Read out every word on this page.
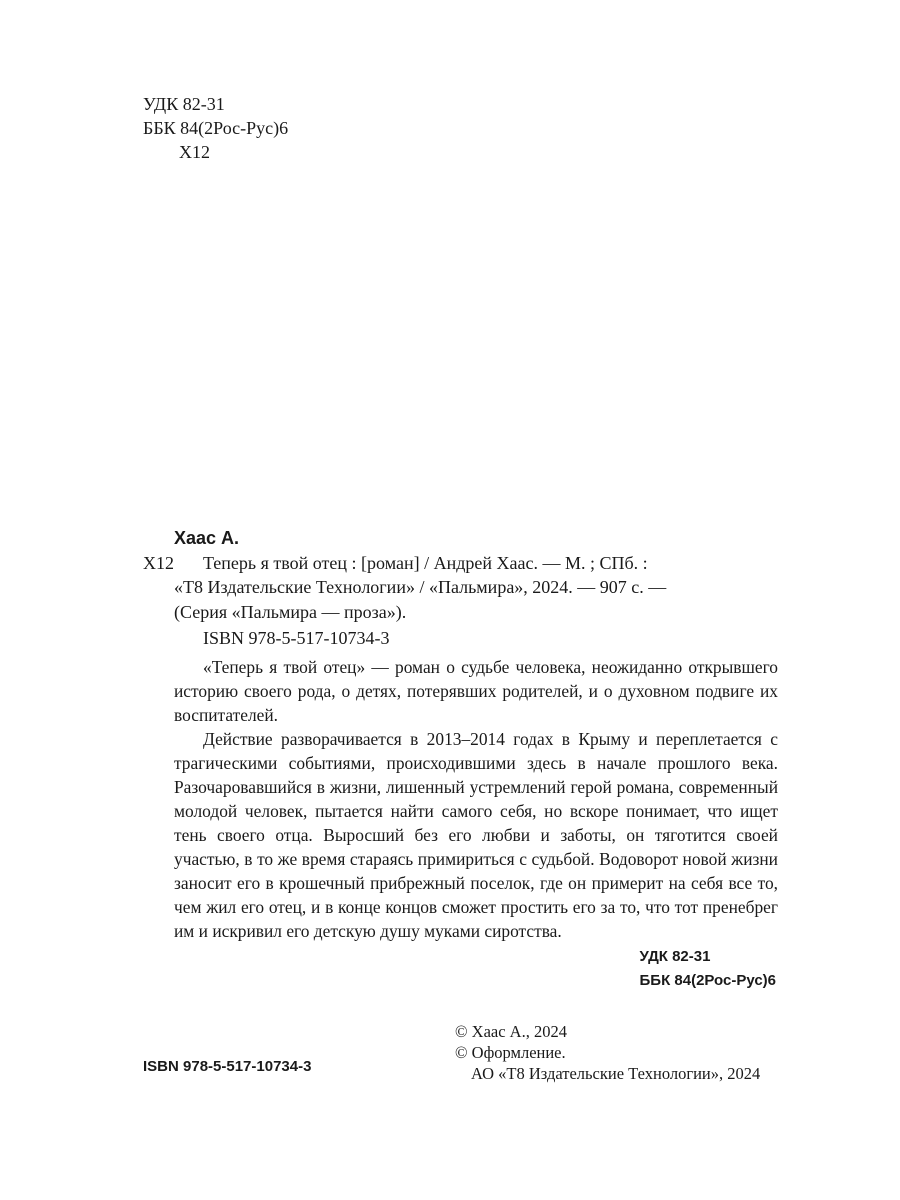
УДК 82-31
ББК 84(2Рос-Рус)6
Х12
Хаас А.
Х12	Теперь я твой отец : [роман] / Андрей Хаас. — М. ; СПб. :
«Т8 Издательские Технологии» / «Пальмира», 2024. — 907 с. —
(Серия «Пальмира — проза»).
ISBN 978-5-517-10734-3

«Теперь я твой отец» — роман о судьбе человека, неожиданно открывшего историю своего рода, о детях, потерявших родителей, и о духовном подвиге их воспитателей.

Действие разворачивается в 2013–2014 годах в Крыму и переплетается с трагическими событиями, происходившими здесь в начале прошлого века. Разочаровавшийся в жизни, лишенный устремлений герой романа, современный молодой человек, пытается найти самого себя, но вскоре понимает, что ищет тень своего отца. Выросший без его любви и заботы, он тяготится своей участью, в то же время стараясь примириться с судьбой. Водоворот новой жизни заносит его в крошечный прибрежный поселок, где он примерит на себя все то, чем жил его отец, и в конце концов сможет простить его за то, что тот пренебрег им и искривил его детскую душу муками сиротства.

УДК 82-31
ББК 84(2Рос-Рус)6
© Хаас А., 2024
© Оформление.
АО «Т8 Издательские Технологии», 2024
ISBN 978-5-517-10734-3
